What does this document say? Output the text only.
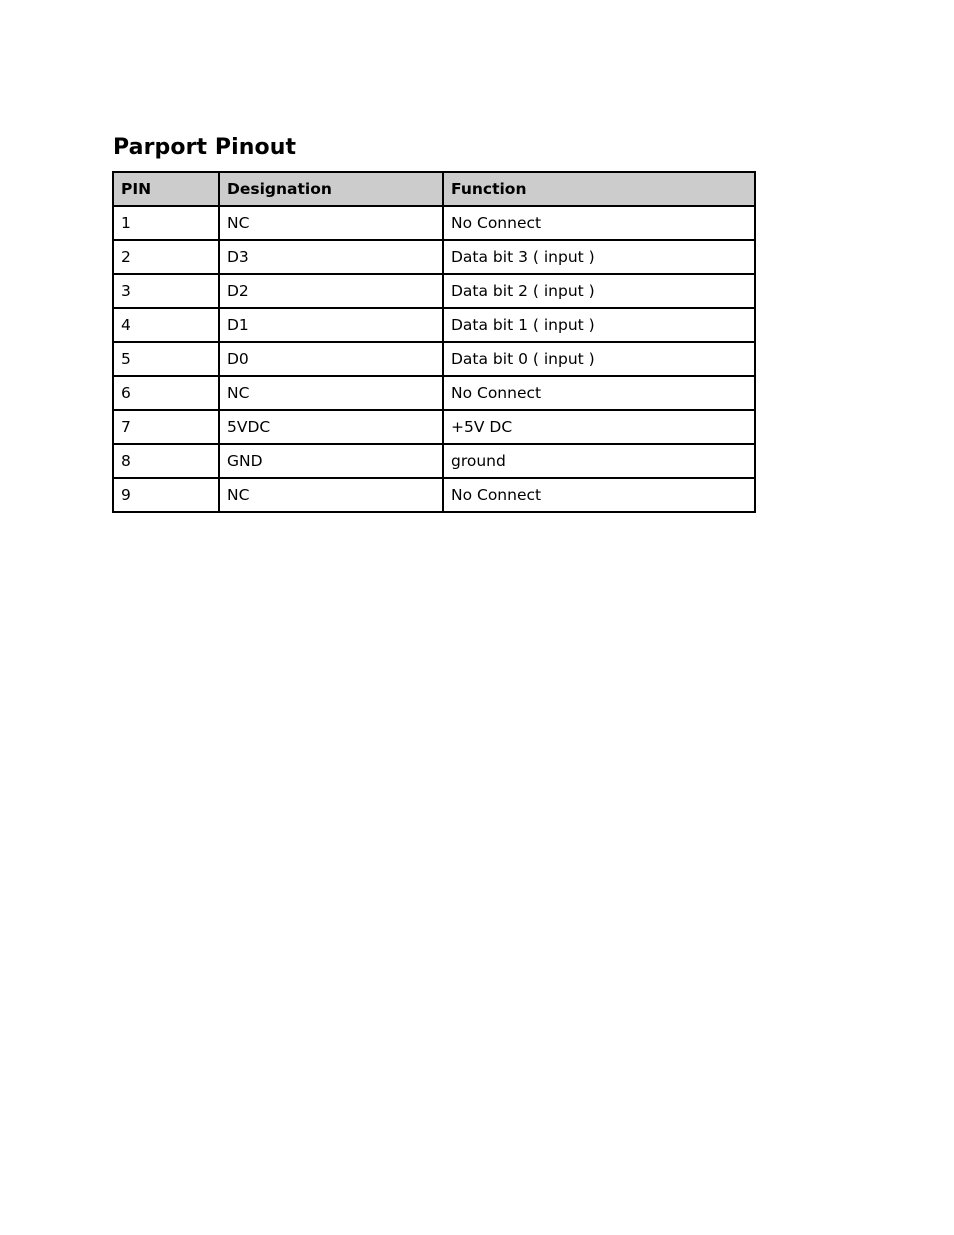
Parport Pinout
PIN	Designation	Function
1	NC	No Connect
2	D3	Data bit 3 ( input )
3	D2	Data bit 2 ( input )
4	D1	Data bit 1 ( input )
5	D0	Data bit 0 ( input )
6	NC	No Connect
7	5VDC	+5V DC
8	GND	ground
9	NC	No Connect
